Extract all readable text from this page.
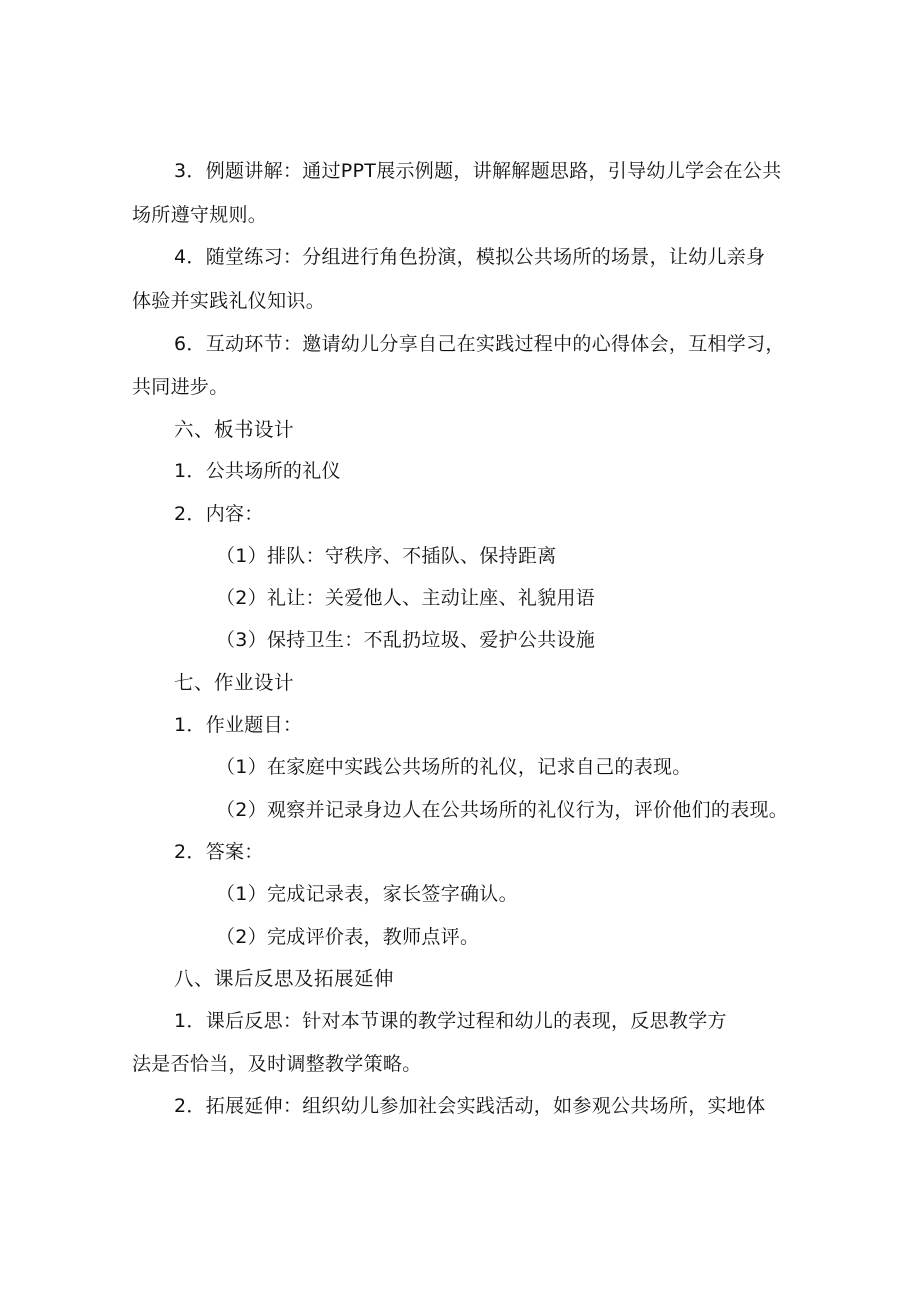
3．例题讲解：通过PPT展示例题，讲解解题思路，引导幼儿学会在公共
场所遵守规则。
4．随堂练习：分组进行角色扮演，模拟公共场所的场景，让幼儿亲身
体验并实践礼仪知识。
6．互动环节：邀请幼儿分享自己在实践过程中的心得体会，互相学习，
共同进步。
六、板书设计
1．公共场所的礼仪
2．内容：
（1）排队：守秩序、不插队、保持距离
（2）礼让：关爱他人、主动让座、礼貌用语
（3）保持卫生：不乱扔垃圾、爱护公共设施
七、作业设计
1．作业题目：
（1）在家庭中实践公共场所的礼仪，记求自己的表现。
（2）观察并记录身边人在公共场所的礼仪行为，评价他们的表现。
2．答案：
（1）完成记录表，家长签字确认。
（2）完成评价表，教师点评。
八、课后反思及拓展延伸
1．课后反思：针对本节课的教学过程和幼儿的表现，反思教学方
法是否恰当，及时调整教学策略。
2．拓展延伸：组织幼儿参加社会实践活动，如参观公共场所，实地体
